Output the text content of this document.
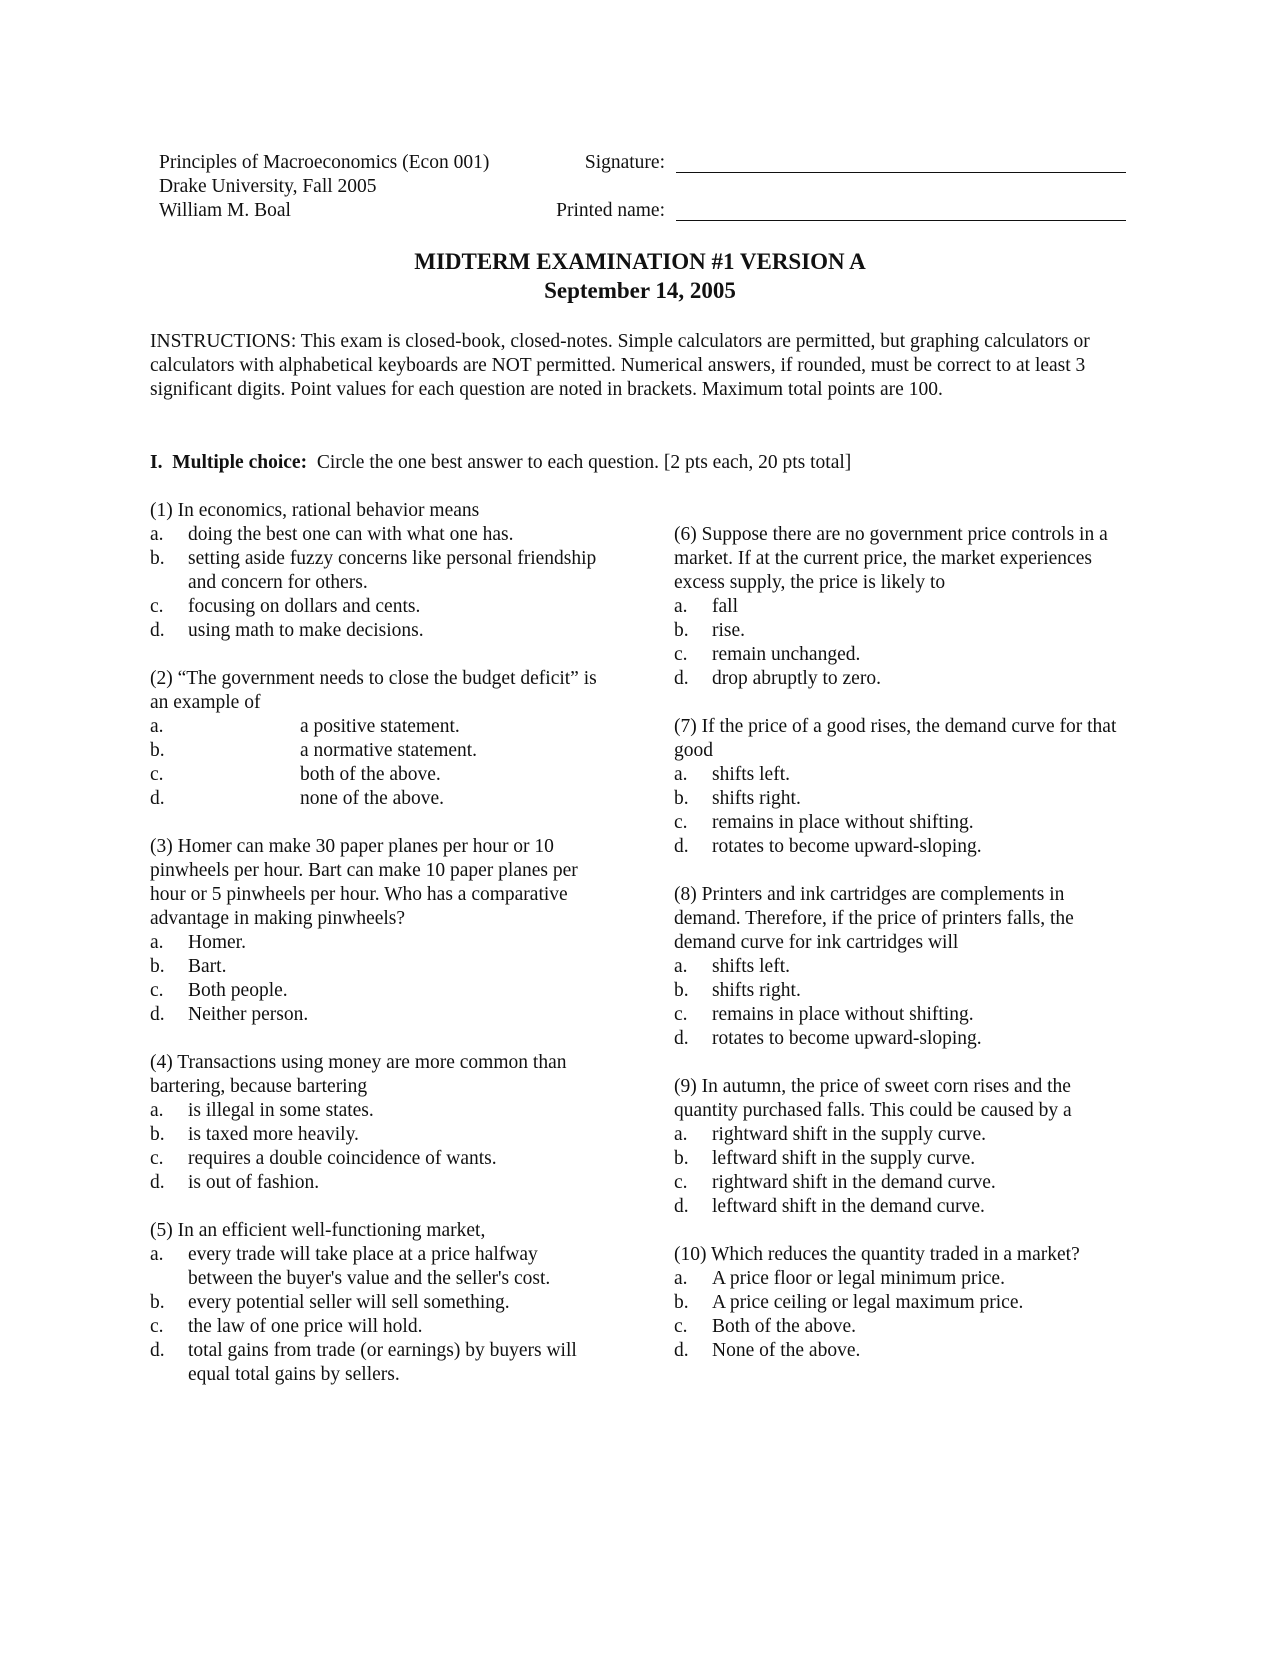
Principles of Macroeconomics (Econ 001)
Drake University, Fall 2005
William M. Boal
Signature:
Printed name:
MIDTERM EXAMINATION #1 VERSION A
September 14, 2005
INSTRUCTIONS: This exam is closed-book, closed-notes. Simple calculators are permitted, but graphing calculators or calculators with alphabetical keyboards are NOT permitted. Numerical answers, if rounded, must be correct to at least 3 significant digits. Point values for each question are noted in brackets. Maximum total points are 100.
I. Multiple choice: Circle the one best answer to each question. [2 pts each, 20 pts total]
(1) In economics, rational behavior means
a.	doing the best one can with what one has.
b.	setting aside fuzzy concerns like personal friendship and concern for others.
c.	focusing on dollars and cents.
d.	using math to make decisions.
(2) “The government needs to close the budget deficit” is an example of
a.	a positive statement.
b.	a normative statement.
c.	both of the above.
d.	none of the above.
(3) Homer can make 30 paper planes per hour or 10 pinwheels per hour. Bart can make 10 paper planes per hour or 5 pinwheels per hour. Who has a comparative advantage in making pinwheels?
a.	Homer.
b.	Bart.
c.	Both people.
d.	Neither person.
(4) Transactions using money are more common than bartering, because bartering
a.	is illegal in some states.
b.	is taxed more heavily.
c.	requires a double coincidence of wants.
d.	is out of fashion.
(5) In an efficient well-functioning market,
a.	every trade will take place at a price halfway between the buyer's value and the seller's cost.
b.	every potential seller will sell something.
c.	the law of one price will hold.
d.	total gains from trade (or earnings) by buyers will equal total gains by sellers.
(6) Suppose there are no government price controls in a market. If at the current price, the market experiences excess supply, the price is likely to
a.	fall
b.	rise.
c.	remain unchanged.
d.	drop abruptly to zero.
(7) If the price of a good rises, the demand curve for that good
a.	shifts left.
b.	shifts right.
c.	remains in place without shifting.
d.	rotates to become upward-sloping.
(8) Printers and ink cartridges are complements in demand. Therefore, if the price of printers falls, the demand curve for ink cartridges will
a.	shifts left.
b.	shifts right.
c.	remains in place without shifting.
d.	rotates to become upward-sloping.
(9) In autumn, the price of sweet corn rises and the quantity purchased falls. This could be caused by a
a.	rightward shift in the supply curve.
b.	leftward shift in the supply curve.
c.	rightward shift in the demand curve.
d.	leftward shift in the demand curve.
(10) Which reduces the quantity traded in a market?
a.	A price floor or legal minimum price.
b.	A price ceiling or legal maximum price.
c.	Both of the above.
d.	None of the above.
